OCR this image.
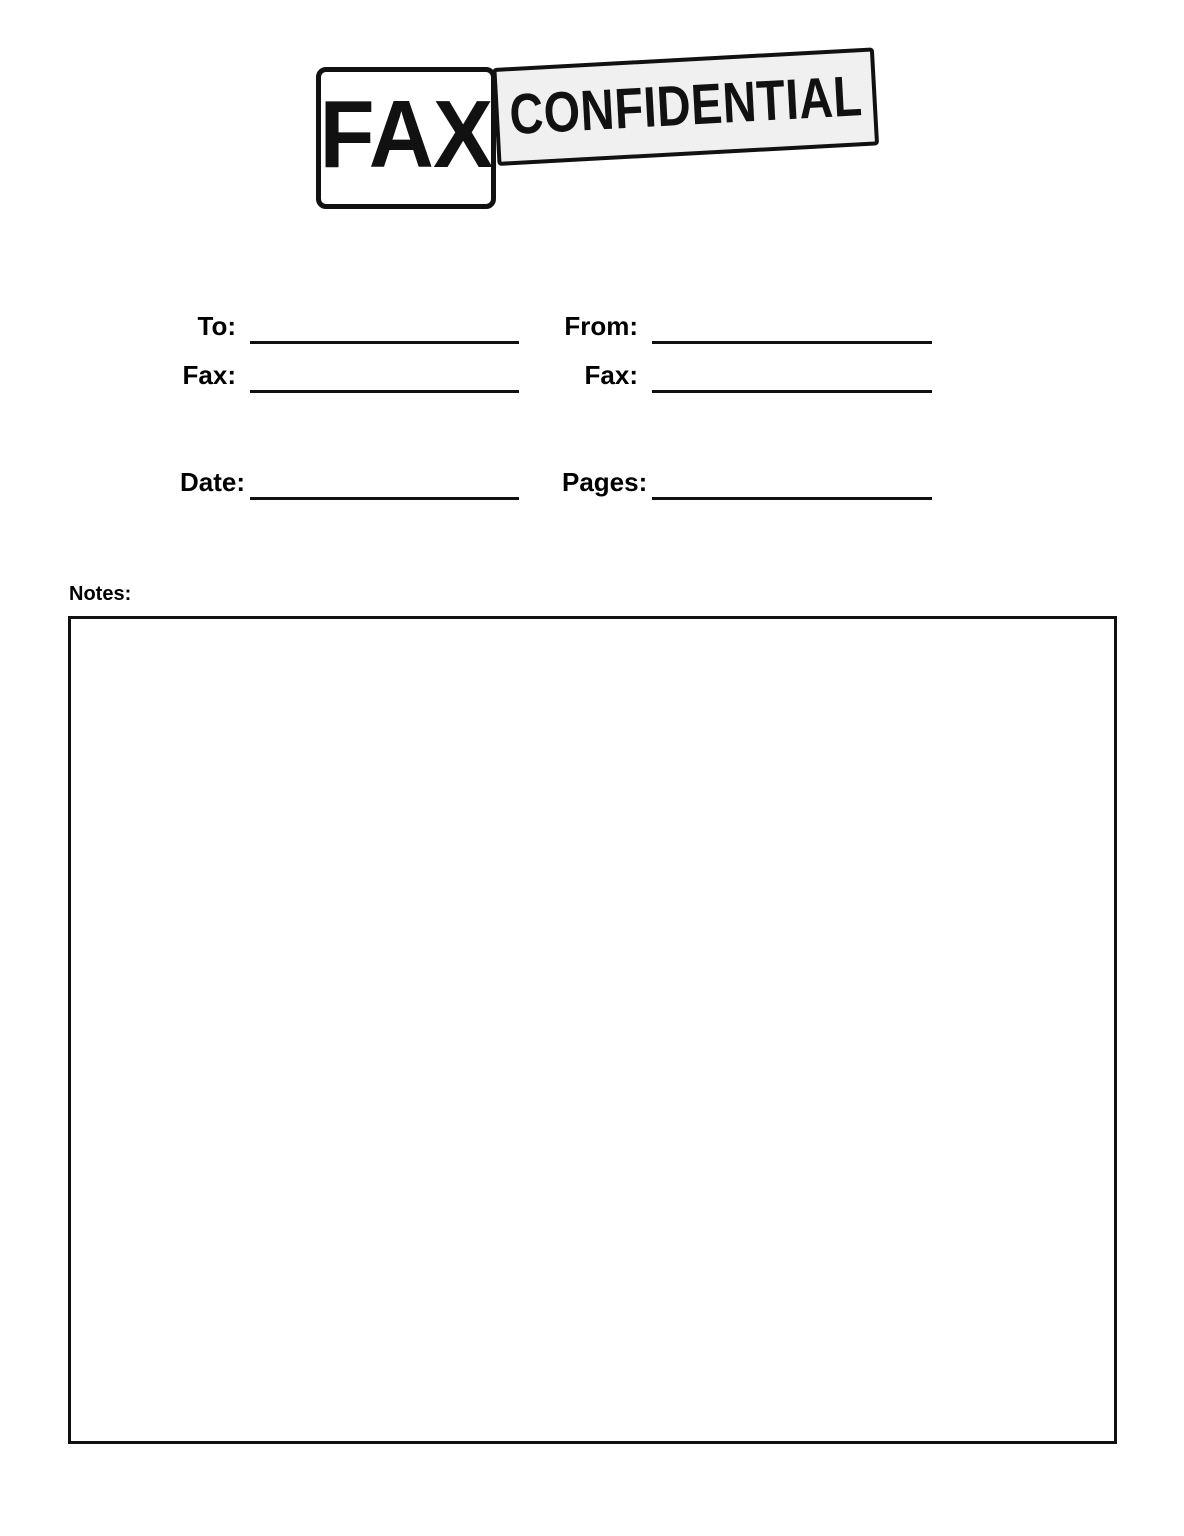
CONFIDENTIAL
FAX
To:
Fax:
Date:
From:
Fax:
Pages:
Notes:
